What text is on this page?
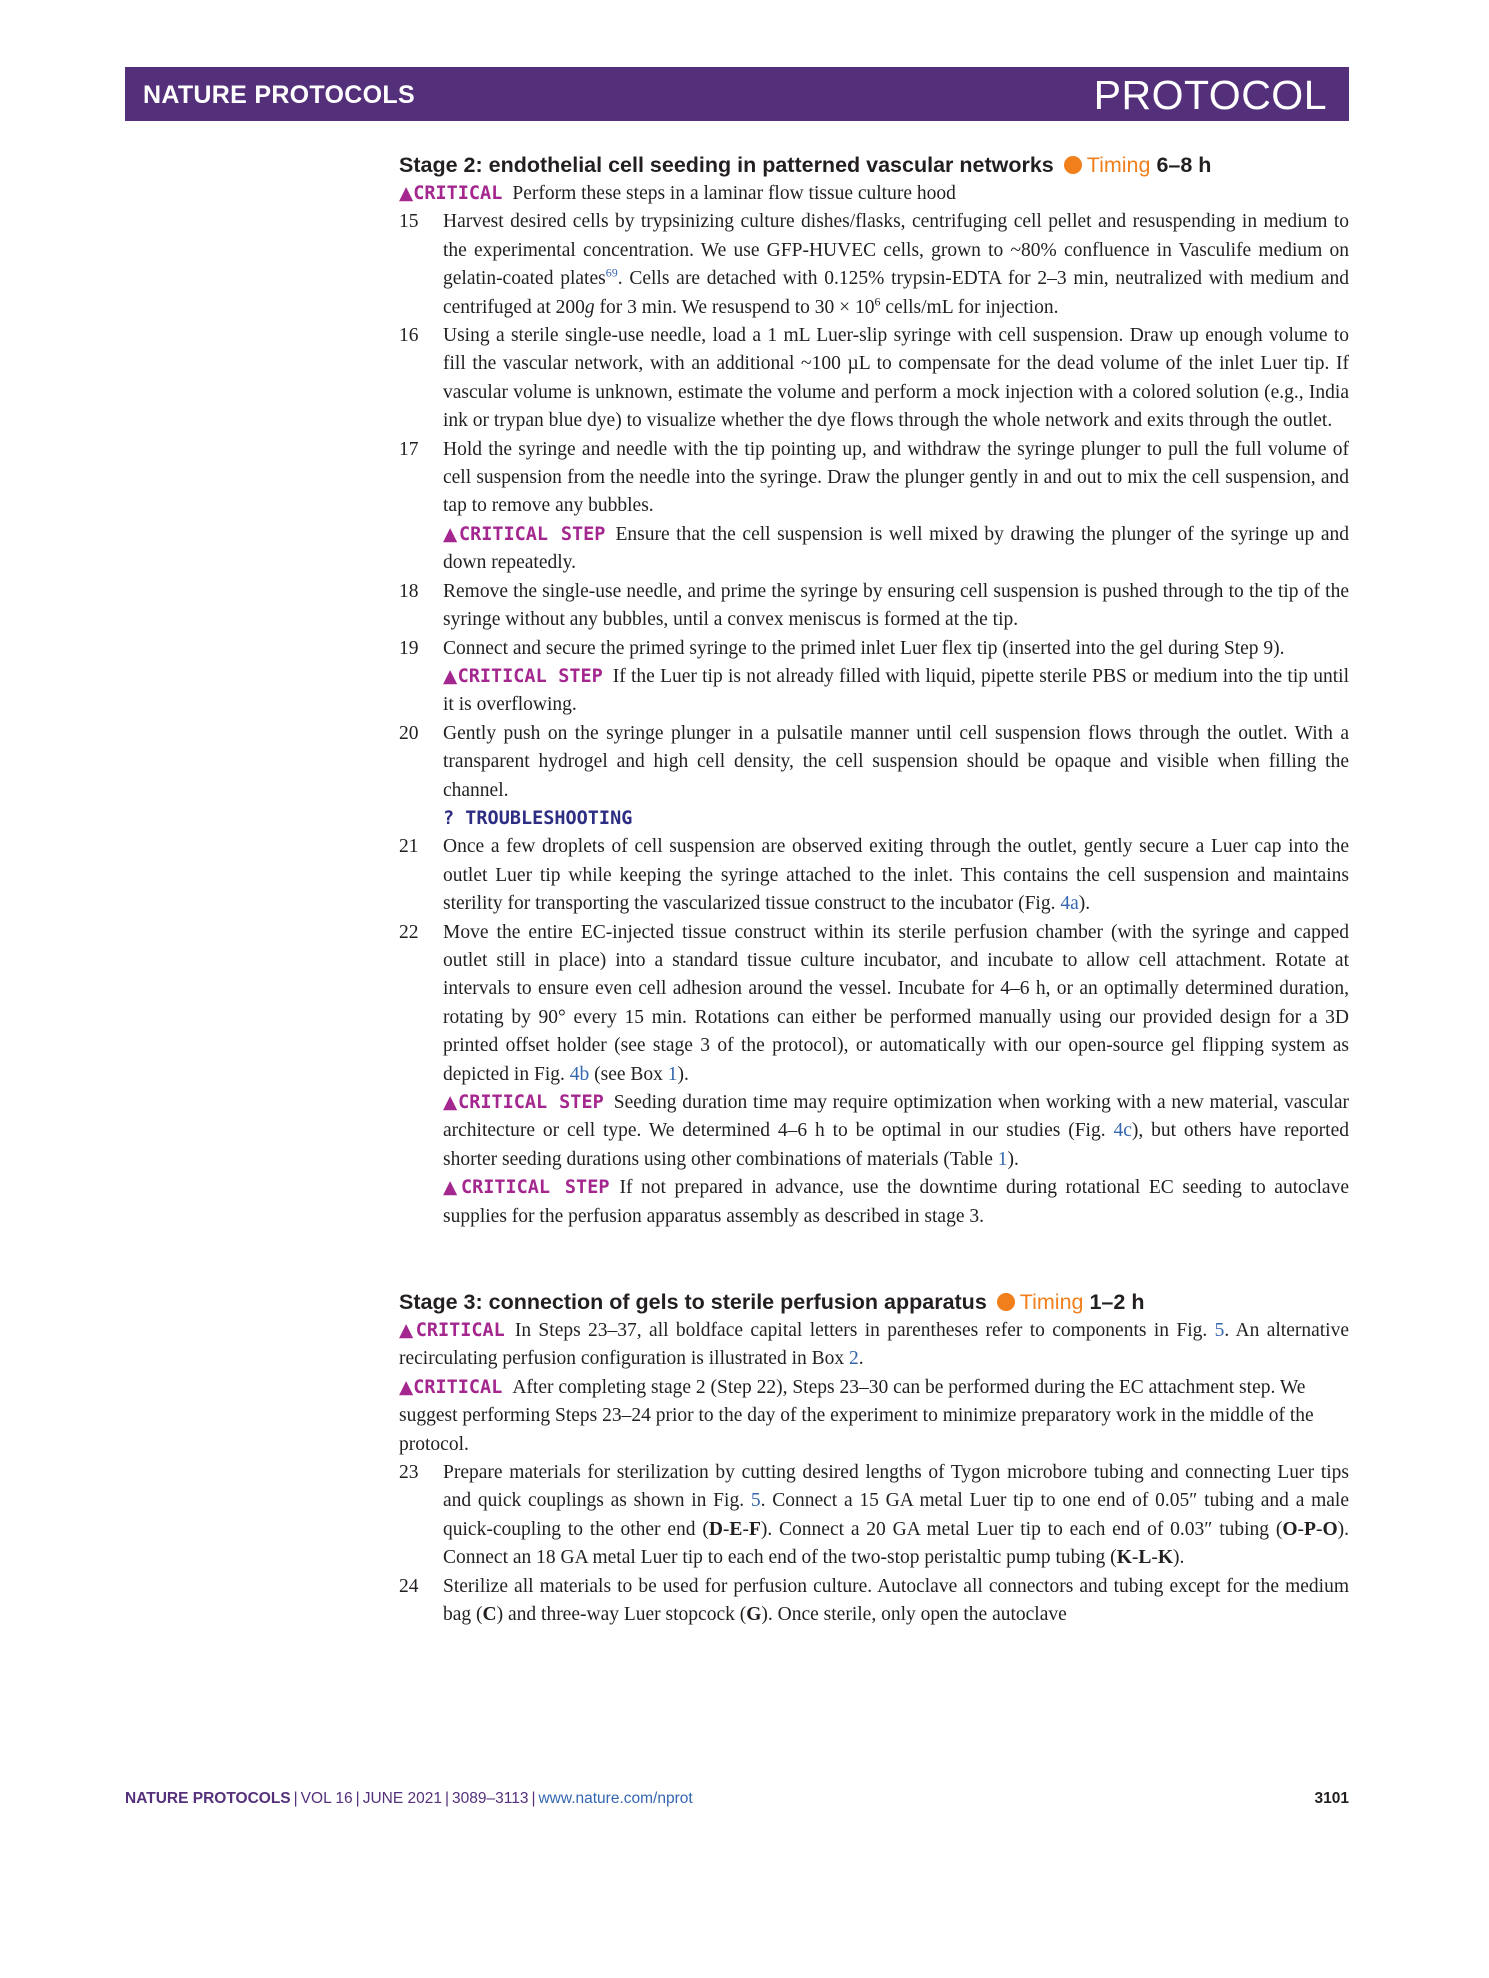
NATURE PROTOCOLS	PROTOCOL
Stage 2: endothelial cell seeding in patterned vascular networks Timing 6–8 h
▲CRITICAL Perform these steps in a laminar flow tissue culture hood
15 Harvest desired cells by trypsinizing culture dishes/flasks, centrifuging cell pellet and resuspending in medium to the experimental concentration. We use GFP-HUVEC cells, grown to ~80% confluence in Vasculife medium on gelatin-coated plates$^{69}$. Cells are detached with 0.125% trypsin-EDTA for 2–3 min, neutralized with medium and centrifuged at 200g for 3 min. We resuspend to $30 \times 10^6$ cells/mL for injection.
16 Using a sterile single-use needle, load a 1 mL Luer-slip syringe with cell suspension. Draw up enough volume to fill the vascular network, with an additional ~100 µL to compensate for the dead volume of the inlet Luer tip. If vascular volume is unknown, estimate the volume and perform a mock injection with a colored solution (e.g., India ink or trypan blue dye) to visualize whether the dye flows through the whole network and exits through the outlet.
17 Hold the syringe and needle with the tip pointing up, and withdraw the syringe plunger to pull the full volume of cell suspension from the needle into the syringe. Draw the plunger gently in and out to mix the cell suspension, and tap to remove any bubbles.

▲CRITICAL STEP Ensure that the cell suspension is well mixed by drawing the plunger of the syringe up and down repeatedly.

18 Remove the single-use needle, and prime the syringe by ensuring cell suspension is pushed through to the tip of the syringe without any bubbles, until a convex meniscus is formed at the tip.
19 Connect and secure the primed syringe to the primed inlet Luer flex tip (inserted into the gel during Step 9).

▲CRITICAL STEP If the Luer tip is not already filled with liquid, pipette sterile PBS or medium into the tip until it is overflowing.

20 Gently push on the syringe plunger in a pulsatile manner until cell suspension flows through the outlet. With a transparent hydrogel and high cell density, the cell suspension should be opaque and visible when filling the channel.

? TROUBLESHOOTING

21 Once a few droplets of cell suspension are observed exiting through the outlet, gently secure a Luer cap into the outlet Luer tip while keeping the syringe attached to the inlet. This contains the cell suspension and maintains sterility for transporting the vascularized tissue construct to the incubator (Fig. 4a).
22 Move the entire EC-injected tissue construct within its sterile perfusion chamber (with the syringe and capped outlet still in place) into a standard tissue culture incubator, and incubate to allow cell attachment. Rotate at intervals to ensure even cell adhesion around the vessel. Incubate for 4–6 h, or an optimally determined duration, rotating by 90° every 15 min. Rotations can either be performed manually using our provided design for a 3D printed offset holder (see stage 3 of the protocol), or automatically with our open-source gel flipping system as depicted in Fig. 4b (see Box 1).

▲CRITICAL STEP Seeding duration time may require optimization when working with a new material, vascular architecture or cell type. We determined 4–6 h to be optimal in our studies (Fig. 4c), but others have reported shorter seeding durations using other combinations of materials (Table 1).

▲CRITICAL STEP If not prepared in advance, use the downtime during rotational EC seeding to autoclave supplies for the perfusion apparatus assembly as described in stage 3.

Stage 3: connection of gels to sterile perfusion apparatus Timing 1–2 h
▲CRITICAL In Steps 23–37, all boldface capital letters in parentheses refer to components in Fig. 5. An alternative recirculating perfusion configuration is illustrated in Box 2.
▲CRITICAL After completing stage 2 (Step 22), Steps 23–30 can be performed during the EC attachment step. We suggest performing Steps 23–24 prior to the day of the experiment to minimize preparatory work in the middle of the protocol.
23 Prepare materials for sterilization by cutting desired lengths of Tygon microbore tubing and connecting Luer tips and quick couplings as shown in Fig. 5. Connect a 15 GA metal Luer tip to one end of 0.05″ tubing and a male quick-coupling to the other end (D-E-F). Connect a 20 GA metal Luer tip to each end of 0.03″ tubing (O-P-O). Connect an 18 GA metal Luer tip to each end of the two-stop peristaltic pump tubing (K-L-K).
24 Sterilize all materials to be used for perfusion culture. Autoclave all connectors and tubing except for the medium bag (C) and three-way Luer stopcock (G). Once sterile, only open the autoclave
NATURE PROTOCOLS | VOL 16 | JUNE 2021 | 3089–3113 | www.nature.com/nprot	3101
